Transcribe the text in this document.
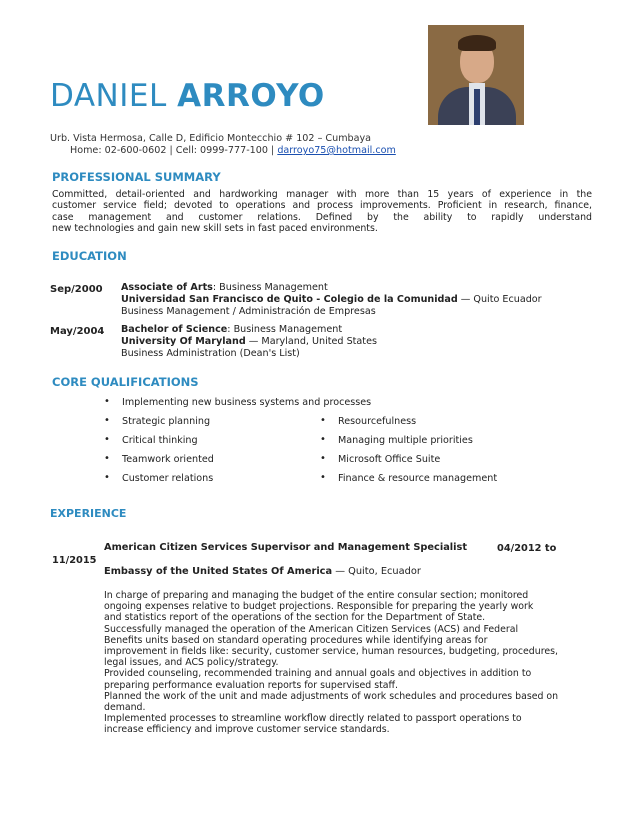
DANIEL ARROYO
Urb. Vista Hermosa, Calle D, Edificio Montecchio # 102 – Cumbaya
Home: 02-600-0602 | Cell: 0999-777-100 | darroyo75@hotmail.com
PROFESSIONAL SUMMARY
Committed, detail-oriented and hardworking manager with more than 15 years of experience in the
customer service field; devoted to operations and process improvements. Proficient in research, finance,
case management and customer relations. Defined by the ability to rapidly understand
new technologies and gain new skill sets in fast paced environments.
EDUCATION
Sep/2000 Associate of Arts: Business Management
Universidad San Francisco de Quito - Colegio de la Comunidad — Quito Ecuador
Business Management / Administración de Empresas
May/2004 Bachelor of Science: Business Management
University Of Maryland — Maryland, United States
Business Administration (Dean's List)
CORE QUALIFICATIONS
• Implementing new business systems and processes
• Strategic planning
• Critical thinking
• Teamwork oriented
• Customer relations
• Resourcefulness
• Managing multiple priorities
• Microsoft Office Suite
• Finance & resource management
EXPERIENCE
American Citizen Services Supervisor and Management Specialist	04/2012 to
11/2015
Embassy of the United States Of America — Quito, Ecuador
In charge of preparing and managing the budget of the entire consular section; monitored
ongoing expenses relative to budget projections. Responsible for preparing the yearly work
and statistics report of the operations of the section for the Department of State.
Successfully managed the operation of the American Citizen Services (ACS) and Federal
Benefits units based on standard operating procedures while identifying areas for
improvement in fields like: security, customer service, human resources, budgeting, procedures,
legal issues, and ACS policy/strategy.
Provided counseling, recommended training and annual goals and objectives in addition to
preparing performance evaluation reports for supervised staff.
Planned the work of the unit and made adjustments of work schedules and procedures based on
demand.
Implemented processes to streamline workflow directly related to passport operations to
increase efficiency and improve customer service standards.
